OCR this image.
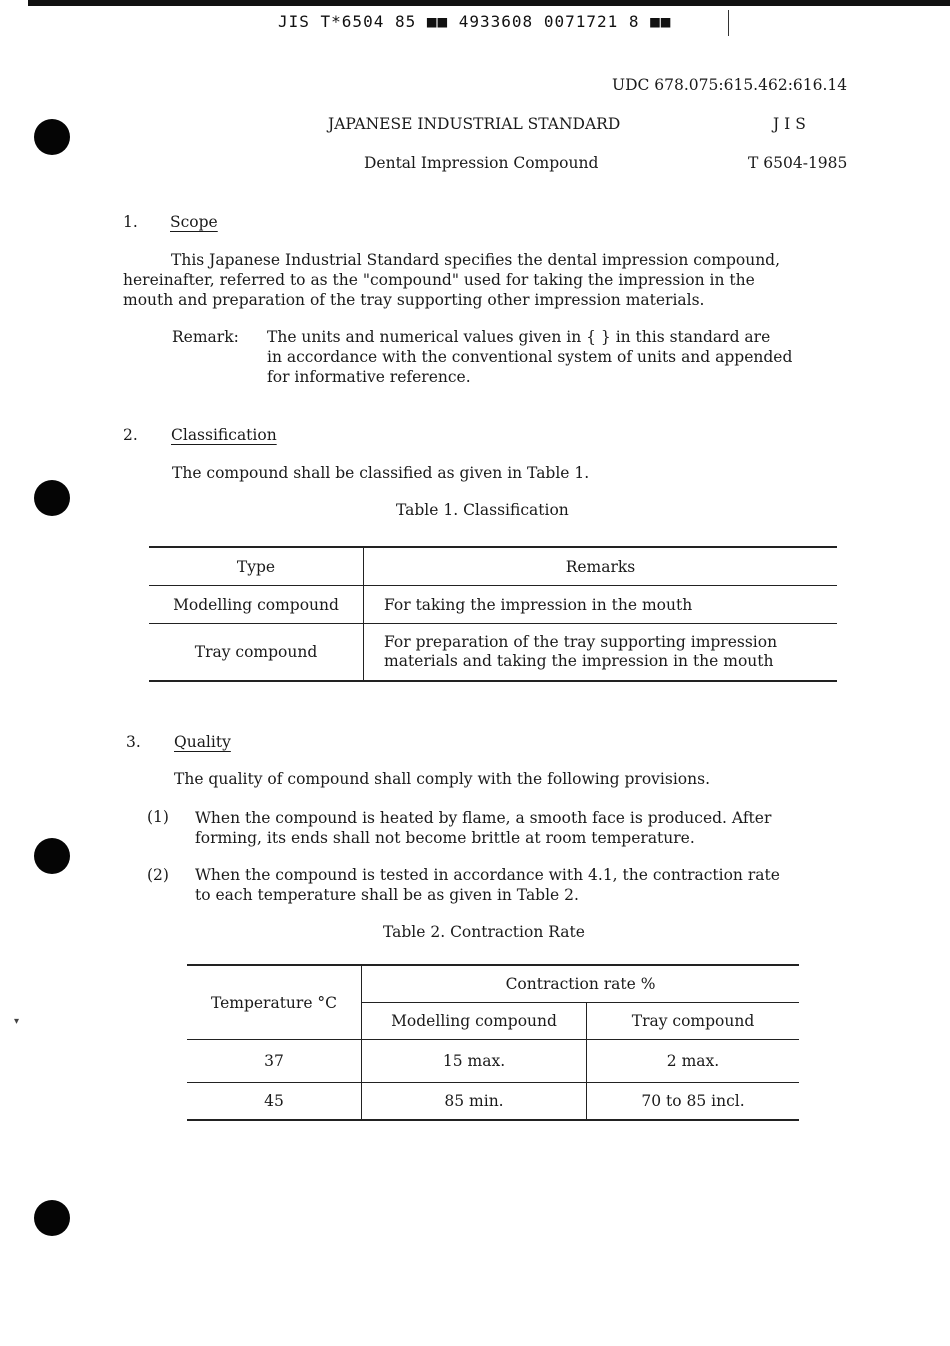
JIS T*6504 85 ■■ 4933608 0071721 8 ■■
UDC 678.075:615.462:616.14
JAPANESE INDUSTRIAL STANDARD	J I S
Dental Impression Compound	T 6504-1985
1. Scope
This Japanese Industrial Standard specifies the dental impression compound,
hereinafter, referred to as the "compound" used for taking the impression in the
mouth and preparation of the tray supporting other impression materials.
Remark: The units and numerical values given in { } in this standard are
in accordance with the conventional system of units and appended
for informative reference.
2. Classification
The compound shall be classified as given in Table 1.
Table 1. Classification
Type	Remarks
Modelling compound	For taking the impression in the mouth
Tray compound	For preparation of the tray supporting impression
materials and taking the impression in the mouth
3. Quality
The quality of compound shall comply with the following provisions.
(1) When the compound is heated by flame, a smooth face is produced. After
forming, its ends shall not become brittle at room temperature.
(2) When the compound is tested in accordance with 4.1, the contraction rate
to each temperature shall be as given in Table 2.
Table 2. Contraction Rate
Temperature °C	Contraction rate %	
	Modelling compound	Tray compound
37	15 max.	2 max.
45	85 min.	70 to 85 incl.
▾
